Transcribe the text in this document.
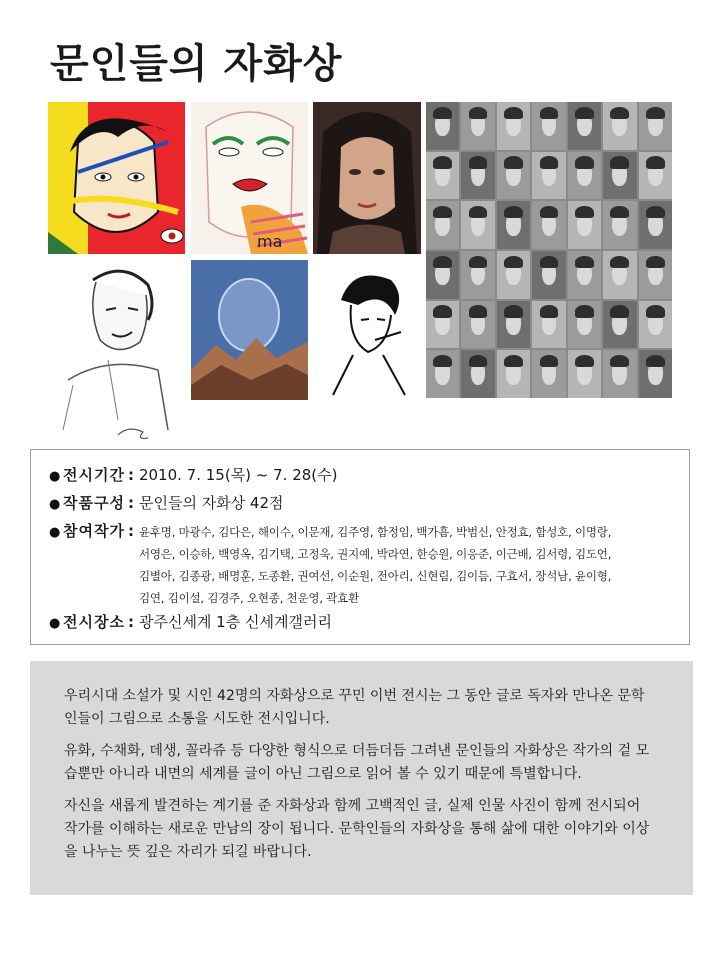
문인들의 자화상
ma
● 전시기간 : 2010. 7. 15(목) ~ 7. 28(수)
● 작품구성 : 문인들의 자화상 42점
● 참여작가 : 윤후명, 마광수, 김다은, 해이수, 이문재, 김주영, 함정임, 백가흠, 박범신, 안정효, 함성호, 이명랑,
서영은, 이승하, 백영옥, 김기택, 고정욱, 권지예, 박라연, 한승원, 이응준, 이근배, 김서령, 김도언,
김별아, 김종광, 배명훈, 도종환, 권여선, 이순원, 전아리, 신현림, 김이듬, 구효서, 장석남, 윤이형,
김연, 김이설, 김경주, 오현종, 천운영, 곽효환
● 전시장소 : 광주신세계 1층 신세계갤러리

우리시대 소설가 및 시인 42명의 자화상으로 꾸민 이번 전시는 그 동안 글로 독자와 만나온 문학인들이 그림으로 소통을 시도한 전시입니다.

유화, 수채화, 데생, 꼴라쥬 등 다양한 형식으로 더듬더듬 그려낸 문인들의 자화상은 작가의 겉 모습뿐만 아니라 내면의 세계를 글이 아닌 그림으로 읽어 볼 수 있기 때문에 특별합니다.

자신을 새롭게 발견하는 계기를 준 자화상과 함께 고백적인 글, 실제 인물 사진이 함께 전시되어 작가를 이해하는 새로운 만남의 장이 됩니다. 문학인들의 자화상을 통해 삶에 대한 이야기와 이상을 나누는 뜻 깊은 자리가 되길 바랍니다.
